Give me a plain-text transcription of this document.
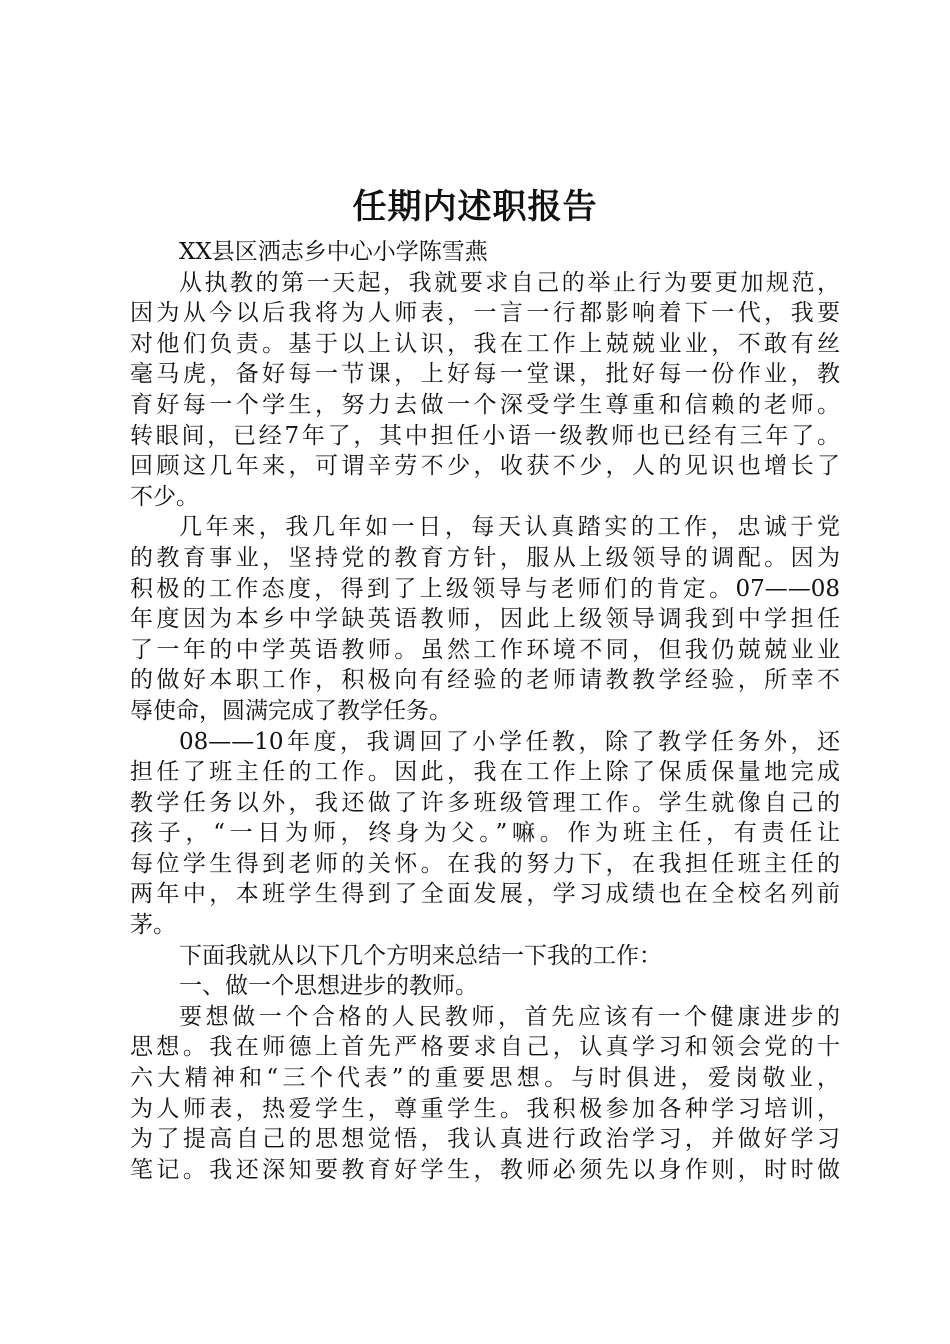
任期内述职报告
XX县区洒志乡中心小学陈雪燕
从执教的第一天起，我就要求自己的举止行为要更加规范，
因为从今以后我将为人师表，一言一行都影响着下一代，我要
对他们负责。基于以上认识，我在工作上兢兢业业，不敢有丝
毫马虎，备好每一节课，上好每一堂课，批好每一份作业，教
育好每一个学生，努力去做一个深受学生尊重和信赖的老师。
转眼间，已经7年了，其中担任小语一级教师也已经有三年了。
回顾这几年来，可谓辛劳不少，收获不少，人的见识也增长了
不少。
几年来，我几年如一日，每天认真踏实的工作，忠诚于党
的教育事业，坚持党的教育方针，服从上级领导的调配。因为
积极的工作态度，得到了上级领导与老师们的肯定。07——08
年度因为本乡中学缺英语教师，因此上级领导调我到中学担任
了一年的中学英语教师。虽然工作环境不同，但我仍兢兢业业
的做好本职工作，积极向有经验的老师请教教学经验，所幸不
辱使命，圆满完成了教学任务。
08——10年度，我调回了小学任教，除了教学任务外，还
担任了班主任的工作。因此，我在工作上除了保质保量地完成
教学任务以外，我还做了许多班级管理工作。学生就像自己的
孩子，“一日为师，终身为父。”嘛。作为班主任，有责任让
每位学生得到老师的关怀。在我的努力下，在我担任班主任的
两年中，本班学生得到了全面发展，学习成绩也在全校名列前
茅。
下面我就从以下几个方明来总结一下我的工作：
一、做一个思想进步的教师。
要想做一个合格的人民教师，首先应该有一个健康进步的
思想。我在师德上首先严格要求自己，认真学习和领会党的十
六大精神和“三个代表”的重要思想。与时俱进，爱岗敬业，
为人师表，热爱学生，尊重学生。我积极参加各种学习培训，
为了提高自己的思想觉悟，我认真进行政治学习，并做好学习
笔记。我还深知要教育好学生，教师必须先以身作则，时时做
